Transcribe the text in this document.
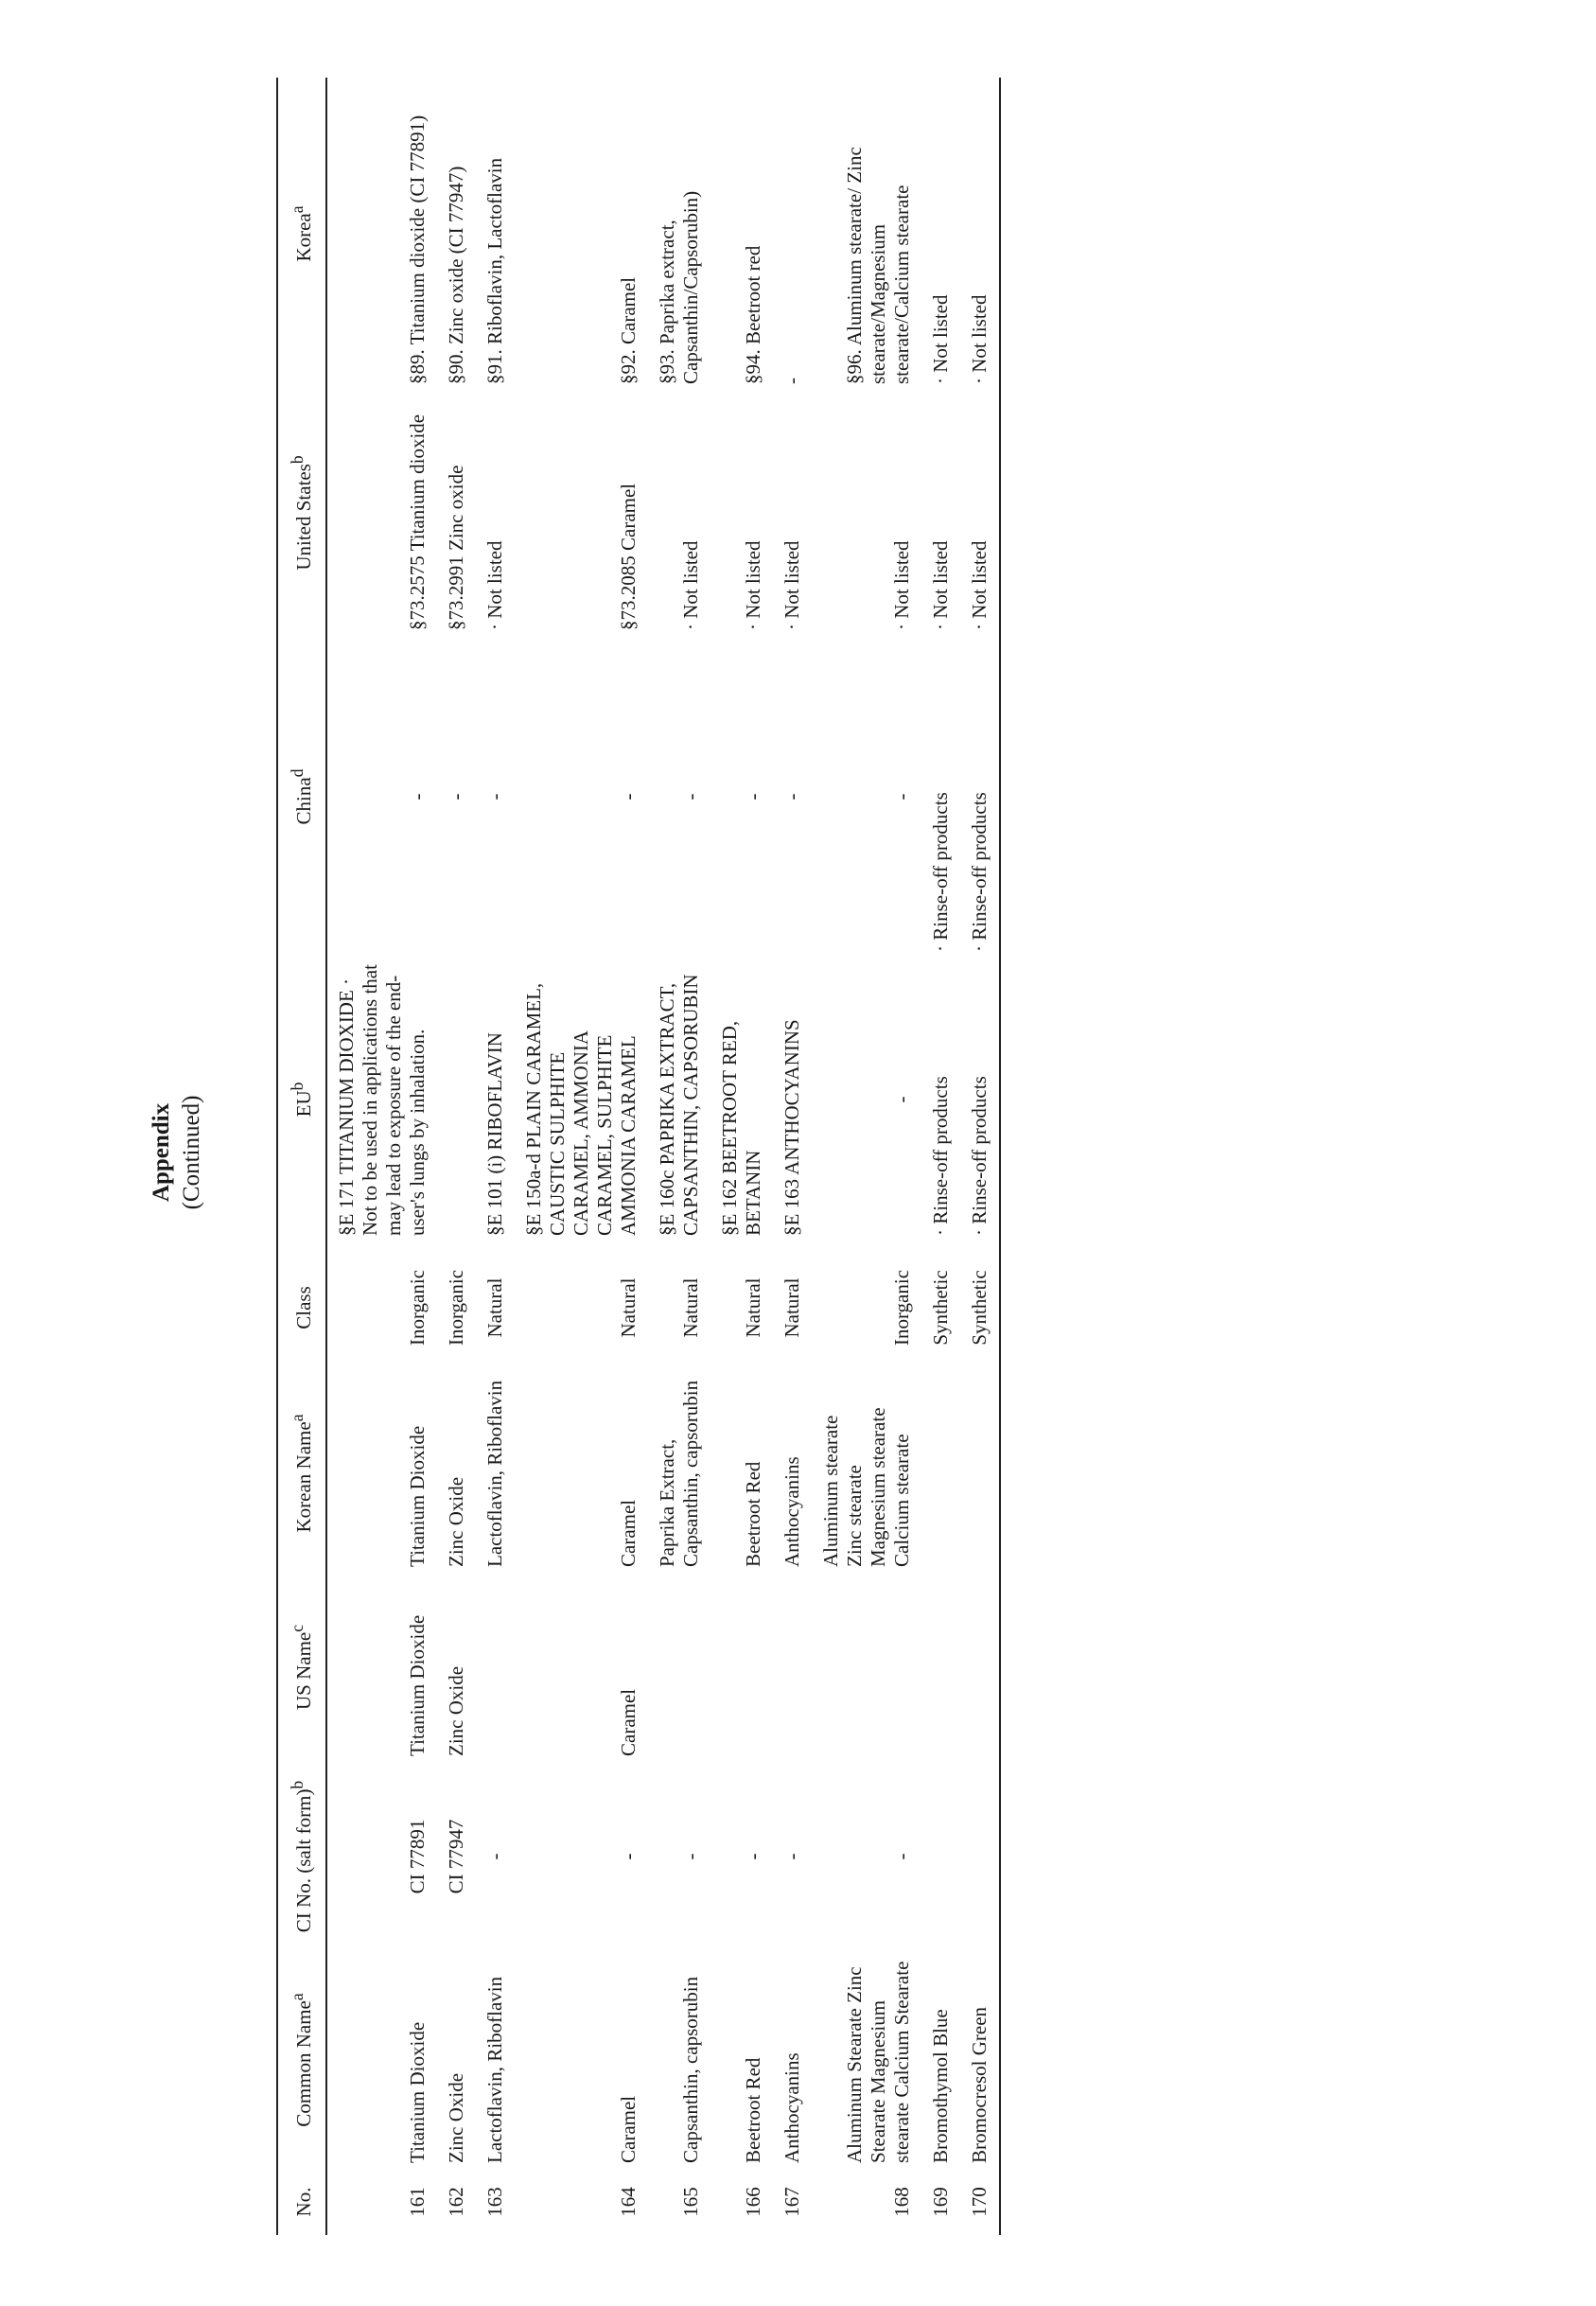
Appendix (Continued)
No.	Common Name$^a$	CI No. (salt form)$^b$	US Name$^c$	Korean Name$^a$	Class	$EU^b$	China$^d$	United States$^b$	Korea$^a$
161	Titanium Dioxide	CI 77891	Titanium Dioxide	Titanium Dioxide	Inorganic	§E 171 TITANIUM DIOXIDE · Not to be used in applications that may lead to exposure of the end-user's lungs by inhalation.	-	§73.2575 Titanium dioxide	§89. Titanium dioxide (CI 77891)
162	Zinc Oxide	CI 77947	Zinc Oxide	Zinc Oxide	Inorganic		-	§73.2991 Zinc oxide	§90. Zinc oxide (CI 77947)
163	Lactoflavin, Riboflavin	-		Lactoflavin, Riboflavin	Natural	§E 101 (i) RIBOFLAVIN	-	· Not listed	§91. Riboflavin, Lactoflavin
164	Caramel	-	Caramel	Caramel	Natural	§E 150a-d PLAIN CARAMEL, CAUSTIC SULPHITE CARAMEL, AMMONIA CARAMEL, SULPHITE AMMONIA CARAMEL	-	§73.2085 Caramel	§92. Caramel
165	Capsanthin, capsorubin	-		Paprika Extract, Capsanthin, capsorubin	Natural	§E 160c PAPRIKA EXTRACT, CAPSANTHIN, CAPSORUBIN	-	· Not listed	§93. Paprika extract, Capsanthin/Capsorubin)
166	Beetroot Red	-		Beetroot Red	Natural	§E 162 BEETROOT RED, BETANIN	-	· Not listed	§94. Beetroot red
167	Anthocyanins	-		Anthocyanins	Natural	§E 163 ANTHOCYANINS	-	· Not listed	-
168	Aluminum Stearate Zinc Stearate Magnesium stearate Calcium Stearate	-		Aluminum stearate Zinc stearate Magnesium stearate Calcium stearate	Inorganic	-	-	· Not listed	§96. Aluminum stearate/ Zinc stearate/Magnesium stearate/Calcium stearate
169	Bromothymol Blue				Synthetic	· Rinse-off products	· Rinse-off products	· Not listed	· Not listed
170	Bromocresol Green				Synthetic	· Rinse-off products	· Rinse-off products	· Not listed	· Not listed
